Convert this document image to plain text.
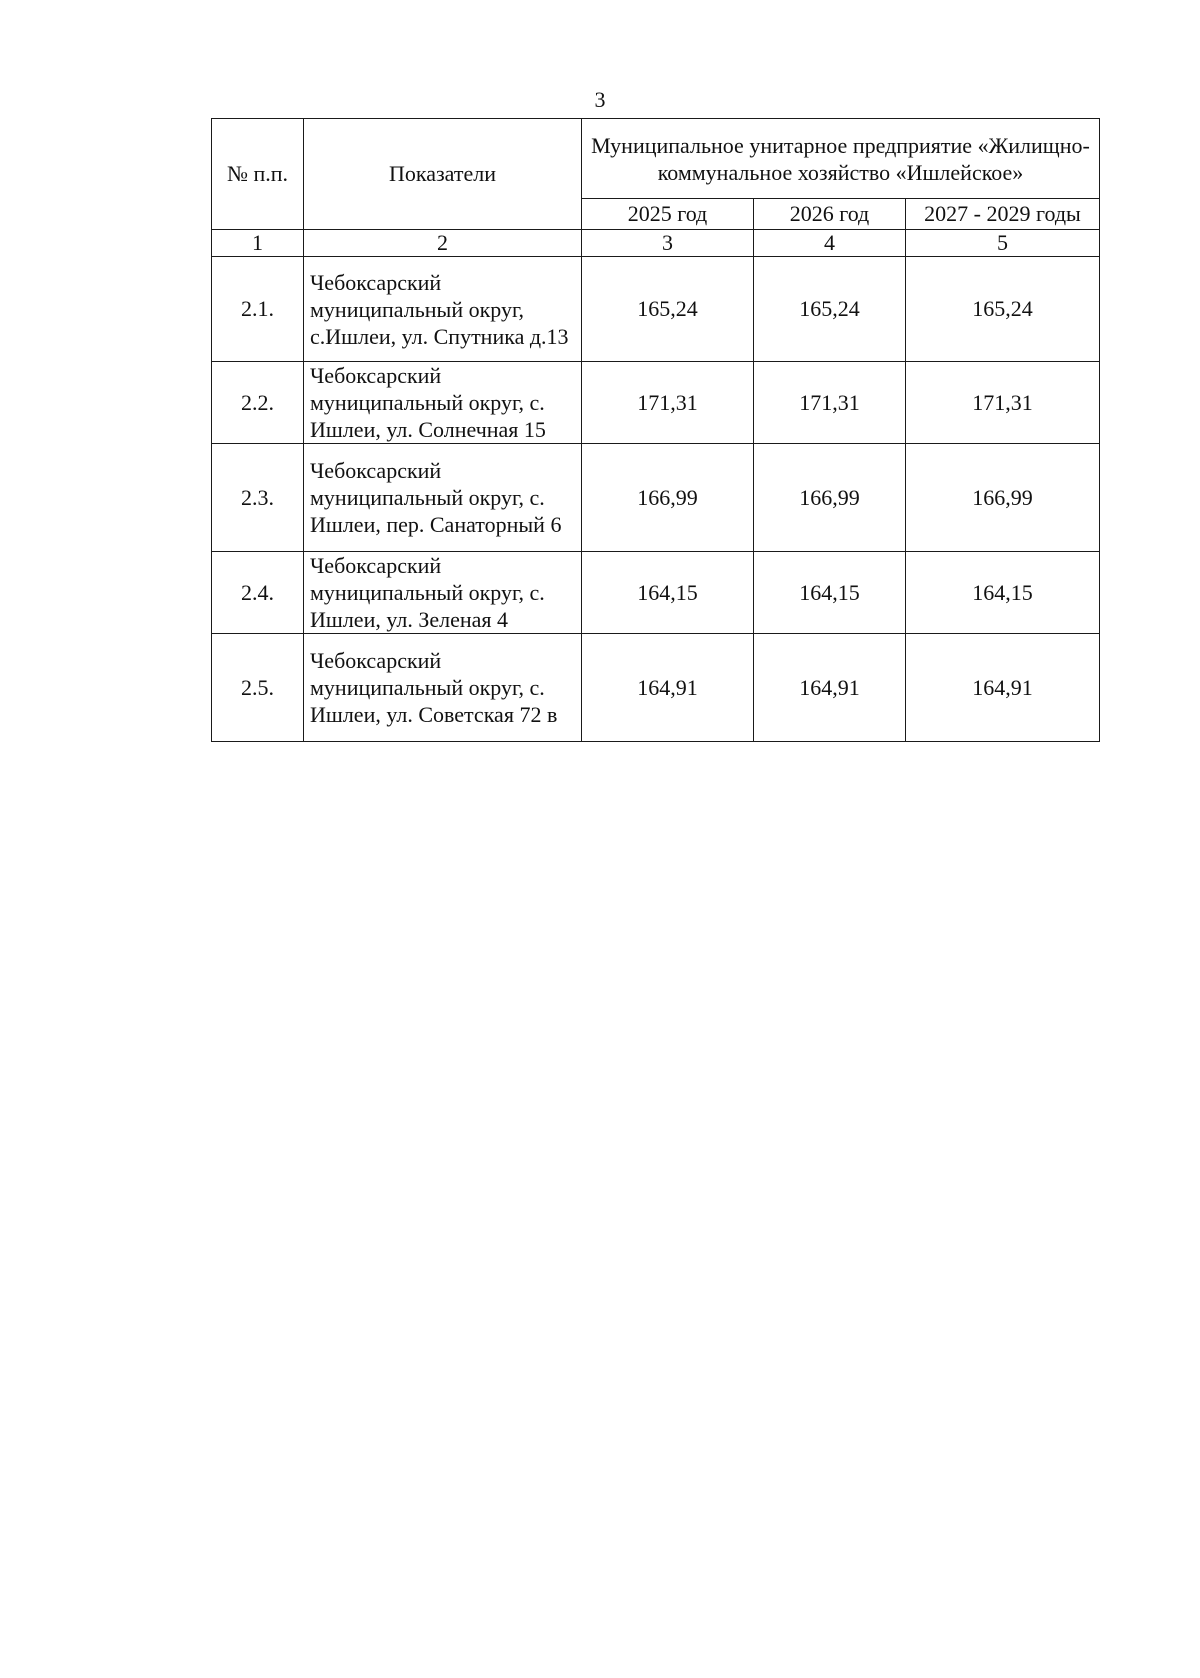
3
№ п.п.	Показатели	Муниципальное унитарное предприятие «Жилищно-коммунальное хозяйство «Ишлейское»		
		2025 год	2026 год	2027 - 2029 годы
1	2	3	4	5
2.1.	Чебоксарский муниципальный округ, с.Ишлеи, ул. Спутника д.13	165,24	165,24	165,24
2.2.	Чебоксарский муниципальный округ, с. Ишлеи, ул. Солнечная 15	171,31	171,31	171,31
2.3.	Чебоксарский муниципальный округ, с. Ишлеи, пер. Санаторный 6	166,99	166,99	166,99
2.4.	Чебоксарский муниципальный округ, с. Ишлеи, ул. Зеленая 4	164,15	164,15	164,15
2.5.	Чебоксарский муниципальный округ, с. Ишлеи, ул. Советская 72 в	164,91	164,91	164,91
